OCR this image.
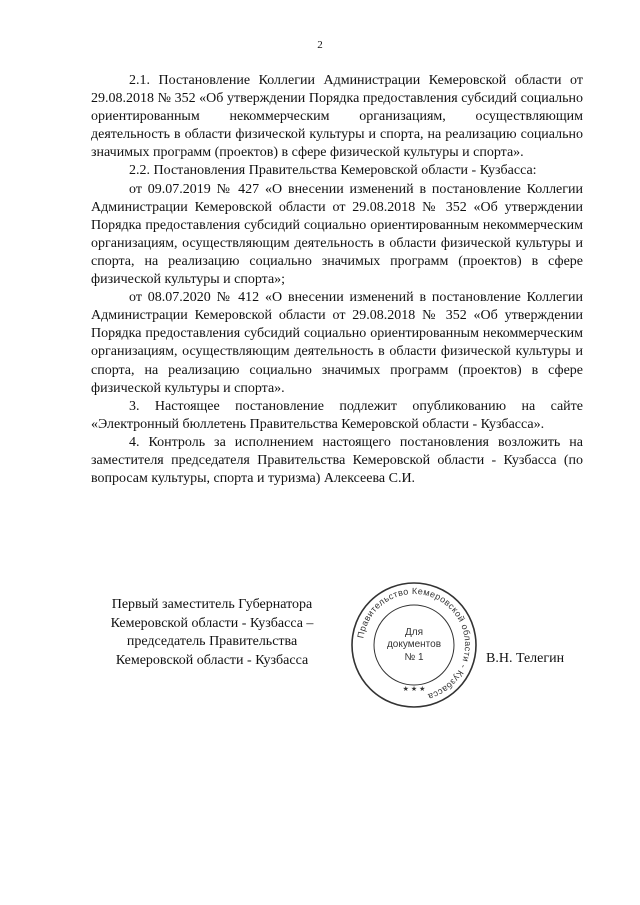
2

2.1. Постановление Коллегии Администрации Кемеровской области от 29.08.2018 № 352 «Об утверждении Порядка предоставления субсидий социально ориентированным некоммерческим организациям, осуществляющим деятельность в области физической культуры и спорта, на реализацию социально значимых программ (проектов) в сфере физической культуры и спорта».

2.2. Постановления Правительства Кемеровской области - Кузбасса:

от 09.07.2019 № 427 «О внесении изменений в постановление Коллегии Администрации Кемеровской области от 29.08.2018 № 352 «Об утверждении Порядка предоставления субсидий социально ориентированным некоммерческим организациям, осуществляющим деятельность в области физической культуры и спорта, на реализацию социально значимых программ (проектов) в сфере физической культуры и спорта»;

от 08.07.2020 № 412 «О внесении изменений в постановление Коллегии Администрации Кемеровской области от 29.08.2018 № 352 «Об утверждении Порядка предоставления субсидий социально ориентированным некоммерческим организациям, осуществляющим деятельность в области физической культуры и спорта, на реализацию социально значимых программ (проектов) в сфере физической культуры и спорта».

3. Настоящее постановление подлежит опубликованию на сайте «Электронный бюллетень Правительства Кемеровской области - Кузбасса».

4. Контроль за исполнением настоящего постановления возложить на заместителя председателя Правительства Кемеровской области - Кузбасса (по вопросам культуры, спорта и туризма) Алексеева С.И.

Первый заместитель Губернатора
Кемеровской области - Кузбасса –
председатель Правительства
Кемеровской области - Кузбасса
Правительство Кемеровской области - Кузбасса
★ ★ ★
Для
документов
№ 1	В.Н. Телегин
